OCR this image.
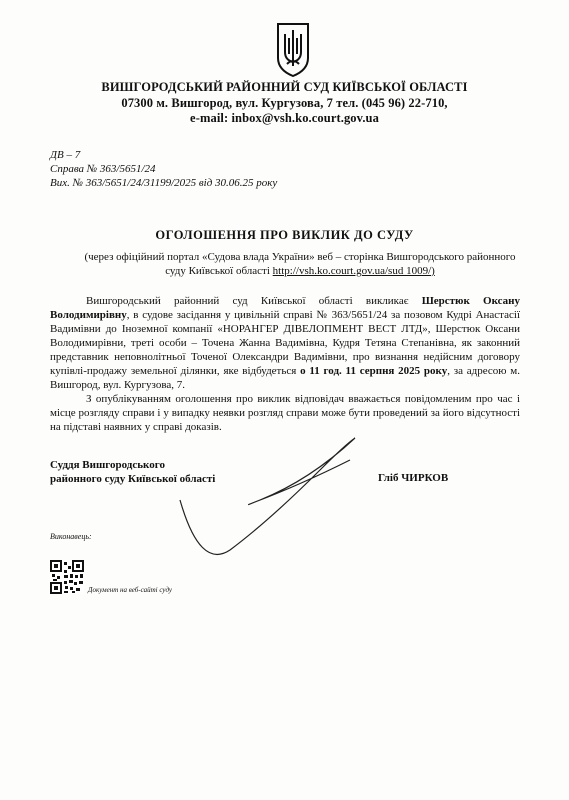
ВИШГОРОДСЬКИЙ РАЙОННИЙ СУД КИЇВСЬКОЇ ОБЛАСТІ
07300 м. Вишгород, вул. Кургузова, 7 тел. (045 96) 22-710,
e-mail: inbox@vsh.ko.court.gov.ua
ДВ – 7
Справа № 363/5651/24
Вих. № 363/5651/24/31199/2025 від 30.06.25 року
ОГОЛОШЕННЯ ПРО ВИКЛИК ДО СУДУ
(через офіційний портал «Судова влада України» веб – сторінка Вишгородського районного суду Київської області http://vsh.ko.court.gov.ua/sud 1009/)
Вишгородський районний суд Київської області викликає Шерстюк Оксану Володимирівну, в судове засідання у цивільній справі № 363/5651/24 за позовом Кудрі Анастасії Вадимівни до Іноземної компанії «НОРАНГЕР ДІВЕЛОПМЕНТ ВЕСТ ЛТД», Шерстюк Оксани Володимирівни, треті особи – Точена Жанна Вадимівна, Кудря Тетяна Степанівна, як законний представник неповнолітньої Точеної Олександри Вадимівни, про визнання недійсним договору купівлі-продажу земельної ділянки, яке відбудеться о 11 год. 11 серпня 2025 року, за адресою м. Вишгород, вул. Кургузова, 7.
З опублікуванням оголошення про виклик відповідач вважається повідомленим про час і місце розгляду справи і у випадку неявки розгляд справи може бути проведений за його відсутності на підставі наявних у справі доказів.
Суддя Вишгородського
районного суду Київської області	Гліб ЧИРКОВ
Виконавець:
Документ на веб-сайті суду
